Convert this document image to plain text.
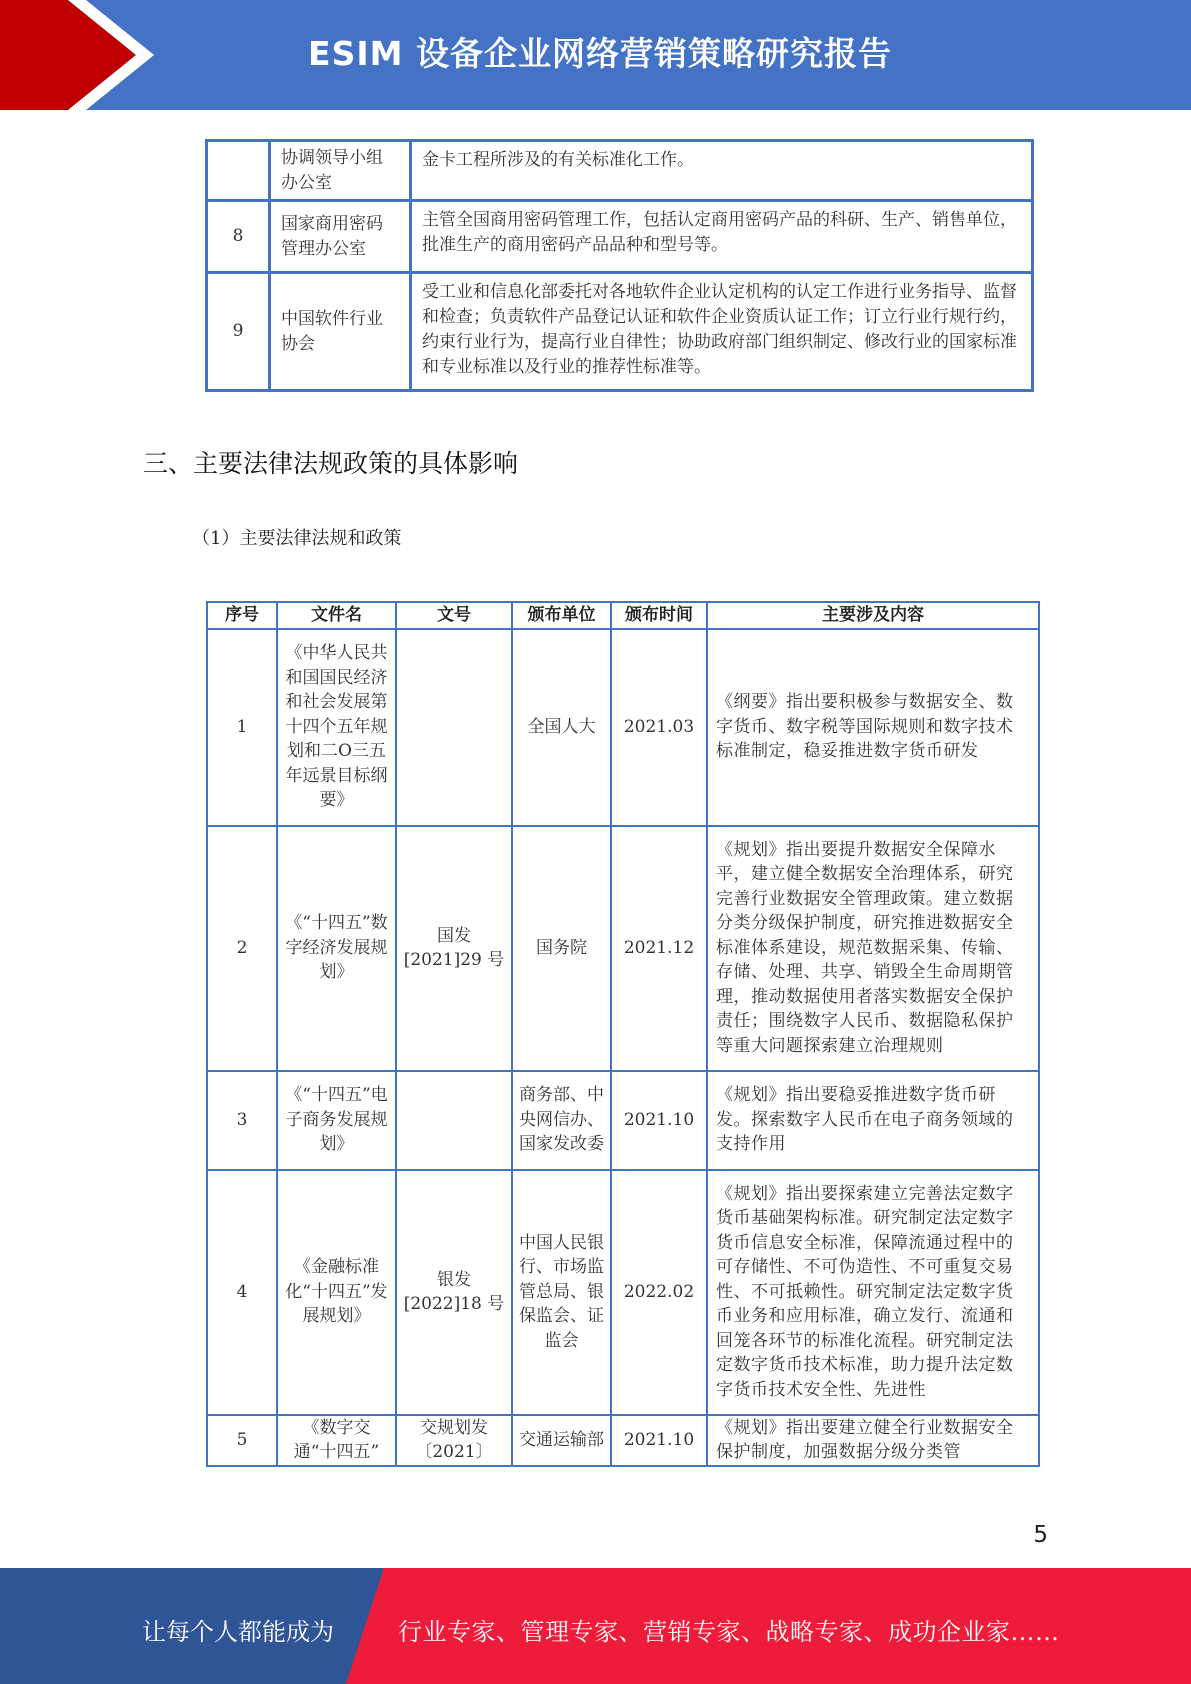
ESIM 设备企业网络营销策略研究报告
	协调领导小组办公室	金卡工程所涉及的有关标准化工作。
8	国家商用密码管理办公室	主管全国商用密码管理工作，包括认定商用密码产品的科研、生产、销售单位，批准生产的商用密码产品品种和型号等。
9	中国软件行业协会	受工业和信息化部委托对各地软件企业认定机构的认定工作进行业务指导、监督和检查；负责软件产品登记认证和软件企业资质认证工作；订立行业行规行约，约束行业行为，提高行业自律性；协助政府部门组织制定、修改行业的国家标准和专业标准以及行业的推荐性标准等。
三、主要法律法规政策的具体影响
（1）主要法律法规和政策
序号	文件名	文号	颁布单位	颁布时间	主要涉及内容
1	《中华人民共和国国民经济和社会发展第十四个五年规划和二O三五年远景目标纲要》		全国人大	2021.03	《纲要》指出要积极参与数据安全、数字货币、数字税等国际规则和数字技术标准制定，稳妥推进数字货币研发
2	《“十四五”数字经济发展规划》	国发[2021]29 号	国务院	2021.12	《规划》指出要提升数据安全保障水平，建立健全数据安全治理体系，研究完善行业数据安全管理政策。建立数据分类分级保护制度，研究推进数据安全标准体系建设，规范数据采集、传输、存储、处理、共享、销毁全生命周期管理，推动数据使用者落实数据安全保护责任；围绕数字人民币、数据隐私保护等重大问题探索建立治理规则
3	《“十四五”电子商务发展规划》		商务部、中央网信办、国家发改委	2021.10	《规划》指出要稳妥推进数字货币研发。探索数字人民币在电子商务领域的支持作用
4	《金融标准化“十四五”发展规划》	银发[2022]18 号	中国人民银行、市场监管总局、银保监会、证监会	2022.02	《规划》指出要探索建立完善法定数字货币基础架构标准。研究制定法定数字货币信息安全标准，保障流通过程中的可存储性、不可伪造性、不可重复交易性、不可抵赖性。研究制定法定数字货币业务和应用标准，确立发行、流通和回笼各环节的标准化流程。研究制定法定数字货币技术标准，助力提升法定数字货币技术安全性、先进性
5	《数字交通“十四五”	交规划发〔2021〕	交通运输部	2021.10	《规划》指出要建立健全行业数据安全保护制度，加强数据分级分类管
5
让每个人都能成为	行业专家、管理专家、营销专家、战略专家、成功企业家……
